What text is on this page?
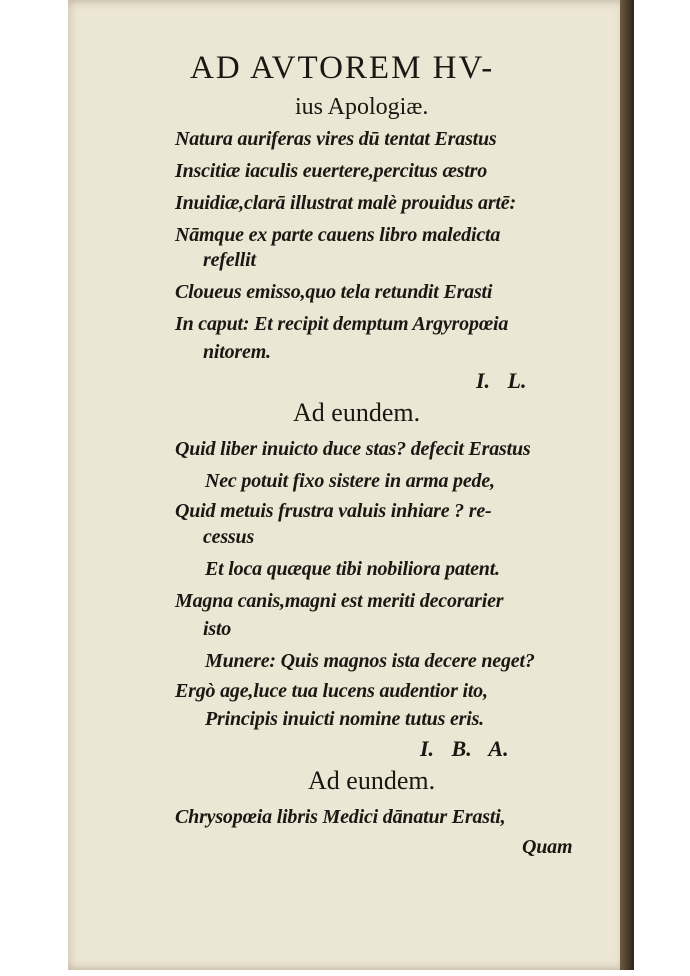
AD AVTOREM HV-
ius Apologiæ.
Natura auriferas vires dū tentat Erastus
Inscitiæ iaculis euertere,percitus æstro
Inuidiæ,clarā illustrat malè prouidus artē:
Nāmque ex parte cauens libro maledicta
refellit
Cloueus emisso,quo tela retundit Erasti
In caput: Et recipit demptum Argyropœia
nitorem.
I. L.
Ad eundem.
Quid liber inuicto duce stas? defecit Erastus
Nec potuit fixo sistere in arma pede,
Quid metuis frustra valuis inhiare ? re-
cessus
Et loca quæque tibi nobiliora patent.
Magna canis,magni est meriti decorarier
isto
Munere: Quis magnos ista decere neget?
Ergò age,luce tua lucens audentior ito,
Principis inuicti nomine tutus eris.
I. B. A.
Ad eundem.
Chrysopœia libris Medici dānatur Erasti,
Quam
